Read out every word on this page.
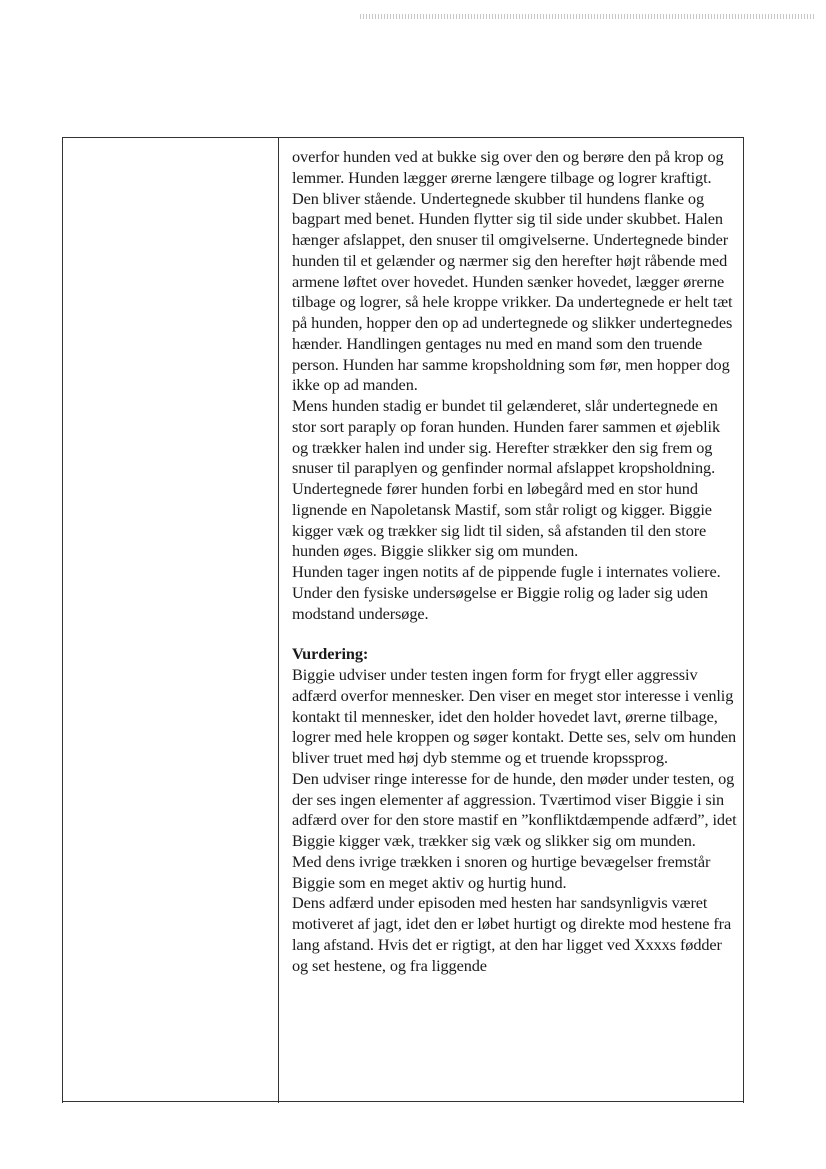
overfor hunden ved at bukke sig over den og berøre den på krop og lemmer. Hunden lægger ørerne længere tilbage og logrer kraftigt. Den bliver stående. Undertegnede skubber til hundens flanke og bagpart med benet. Hunden flytter sig til side under skubbet. Halen hænger afslappet, den snuser til omgivelserne. Undertegnede binder hunden til et gelænder og nærmer sig den herefter højt råbende med armene løftet over hovedet. Hunden sænker hovedet, lægger ørerne tilbage og logrer, så hele kroppe vrikker. Da undertegnede er helt tæt på hunden, hopper den op ad undertegnede og slikker undertegnedes hænder. Handlingen gentages nu med en mand som den truende person. Hunden har samme kropsholdning som før, men hopper dog ikke op ad manden.

Mens hunden stadig er bundet til gelænderet, slår undertegnede en stor sort paraply op foran hunden. Hunden farer sammen et øjeblik og trækker halen ind under sig. Herefter strækker den sig frem og snuser til paraplyen og genfinder normal afslappet kropsholdning.

Undertegnede fører hunden forbi en løbegård med en stor hund lignende en Napoletansk Mastif, som står roligt og kigger. Biggie kigger væk og trækker sig lidt til siden, så afstanden til den store hunden øges. Biggie slikker sig om munden.

Hunden tager ingen notits af de pippende fugle i internates voliere.

Under den fysiske undersøgelse er Biggie rolig og lader sig uden modstand undersøge.

Vurdering:

Biggie udviser under testen ingen form for frygt eller aggressiv adfærd overfor mennesker. Den viser en meget stor interesse i venlig kontakt til mennesker, idet den holder hovedet lavt, ørerne tilbage, logrer med hele kroppen og søger kontakt. Dette ses, selv om hunden bliver truet med høj dyb stemme og et truende kropssprog.

Den udviser ringe interesse for de hunde, den møder under testen, og der ses ingen elementer af aggression. Tværtimod viser Biggie i sin adfærd over for den store mastif en ”konfliktdæmpende adfærd”, idet Biggie kigger væk, trækker sig væk og slikker sig om munden.

Med dens ivrige trækken i snoren og hurtige bevægelser fremstår Biggie som en meget aktiv og hurtig hund.

Dens adfærd under episoden med hesten har sandsynligvis været motiveret af jagt, idet den er løbet hurtigt og direkte mod hestene fra lang afstand. Hvis det er rigtigt, at den har ligget ved Xxxxs fødder og set hestene, og fra liggende
